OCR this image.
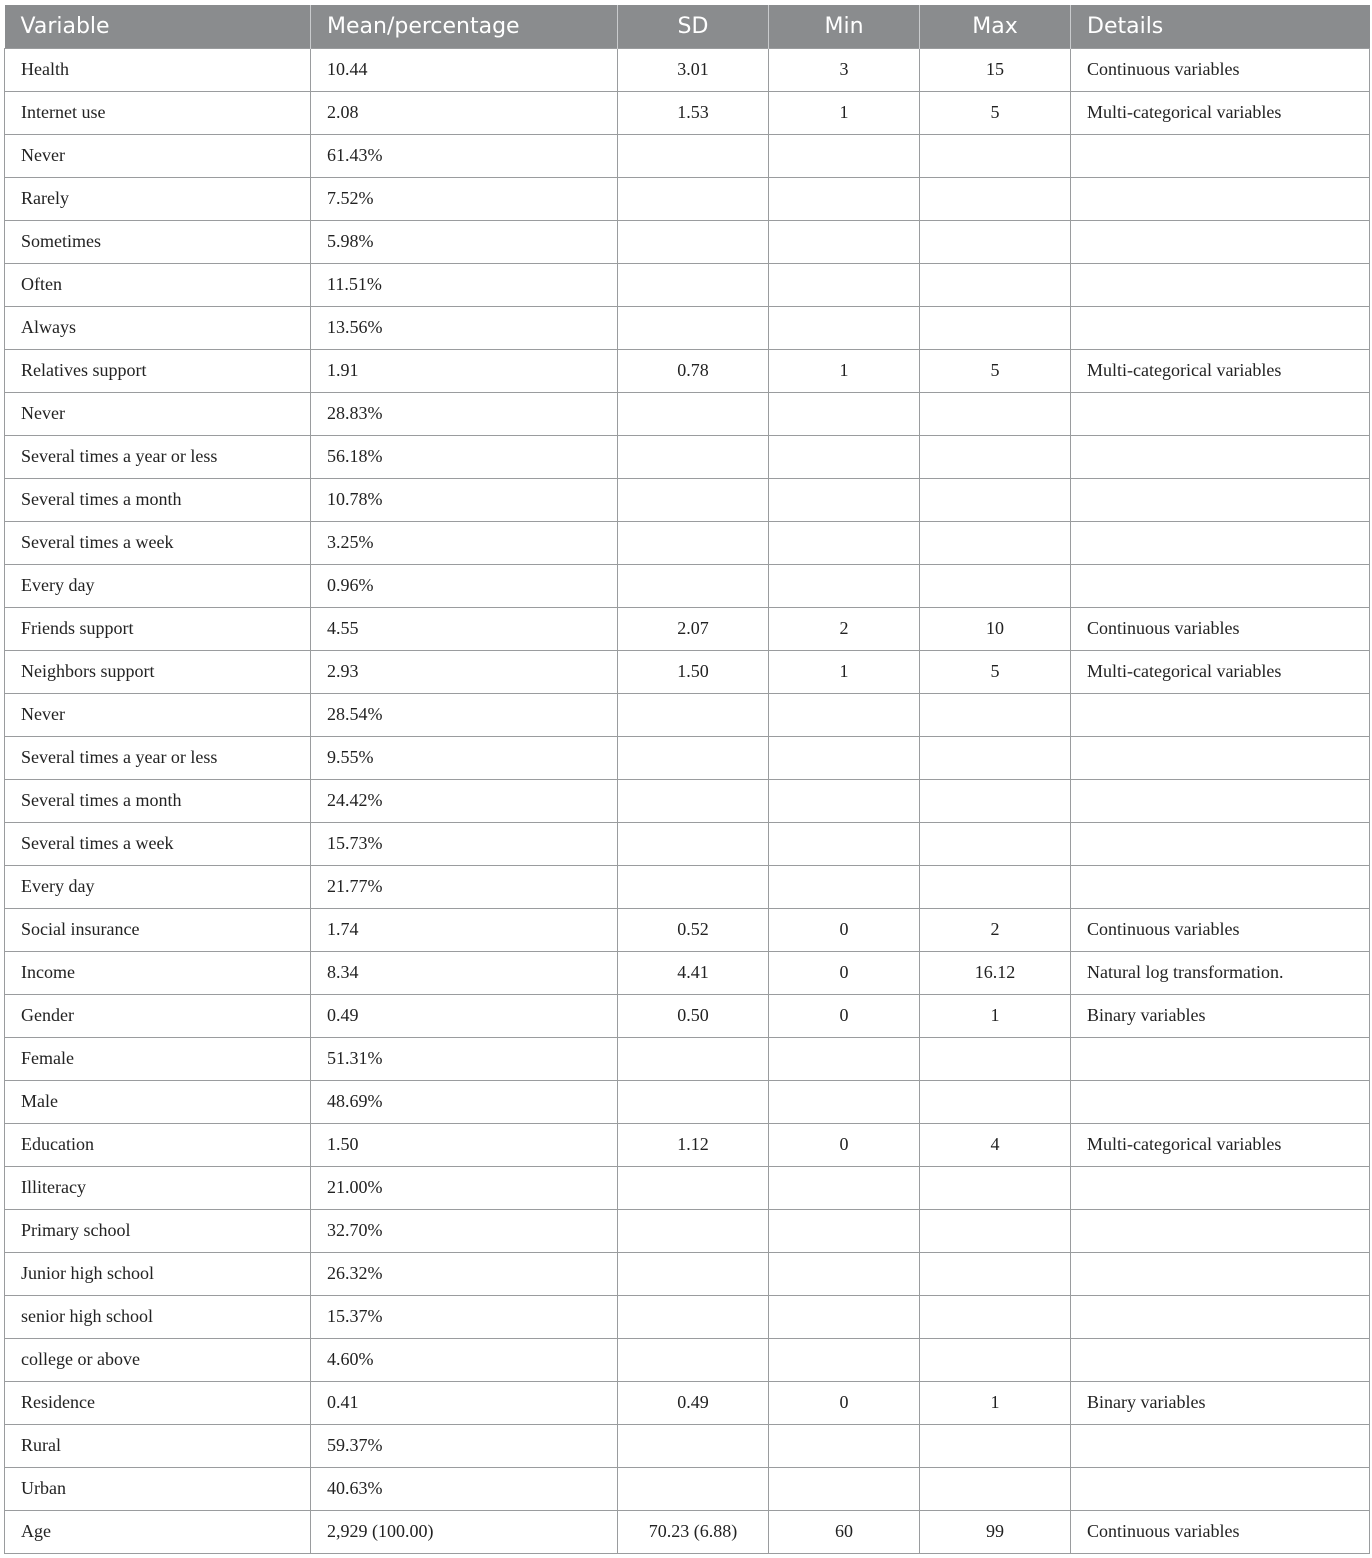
Variable	Mean/percentage	SD	Min	Max	Details
Health	10.44	3.01	3	15	Continuous variables
Internet use	2.08	1.53	1	5	Multi-categorical variables
Never	61.43%				
Rarely	7.52%				
Sometimes	5.98%				
Often	11.51%				
Always	13.56%				
Relatives support	1.91	0.78	1	5	Multi-categorical variables
Never	28.83%				
Several times a year or less	56.18%				
Several times a month	10.78%				
Several times a week	3.25%				
Every day	0.96%				
Friends support	4.55	2.07	2	10	Continuous variables
Neighbors support	2.93	1.50	1	5	Multi-categorical variables
Never	28.54%				
Several times a year or less	9.55%				
Several times a month	24.42%				
Several times a week	15.73%				
Every day	21.77%				
Social insurance	1.74	0.52	0	2	Continuous variables
Income	8.34	4.41	0	16.12	Natural log transformation.
Gender	0.49	0.50	0	1	Binary variables
Female	51.31%				
Male	48.69%				
Education	1.50	1.12	0	4	Multi-categorical variables
Illiteracy	21.00%				
Primary school	32.70%				
Junior high school	26.32%				
senior high school	15.37%				
college or above	4.60%				
Residence	0.41	0.49	0	1	Binary variables
Rural	59.37%				
Urban	40.63%				
Age	2,929 (100.00)	70.23 (6.88)	60	99	Continuous variables
